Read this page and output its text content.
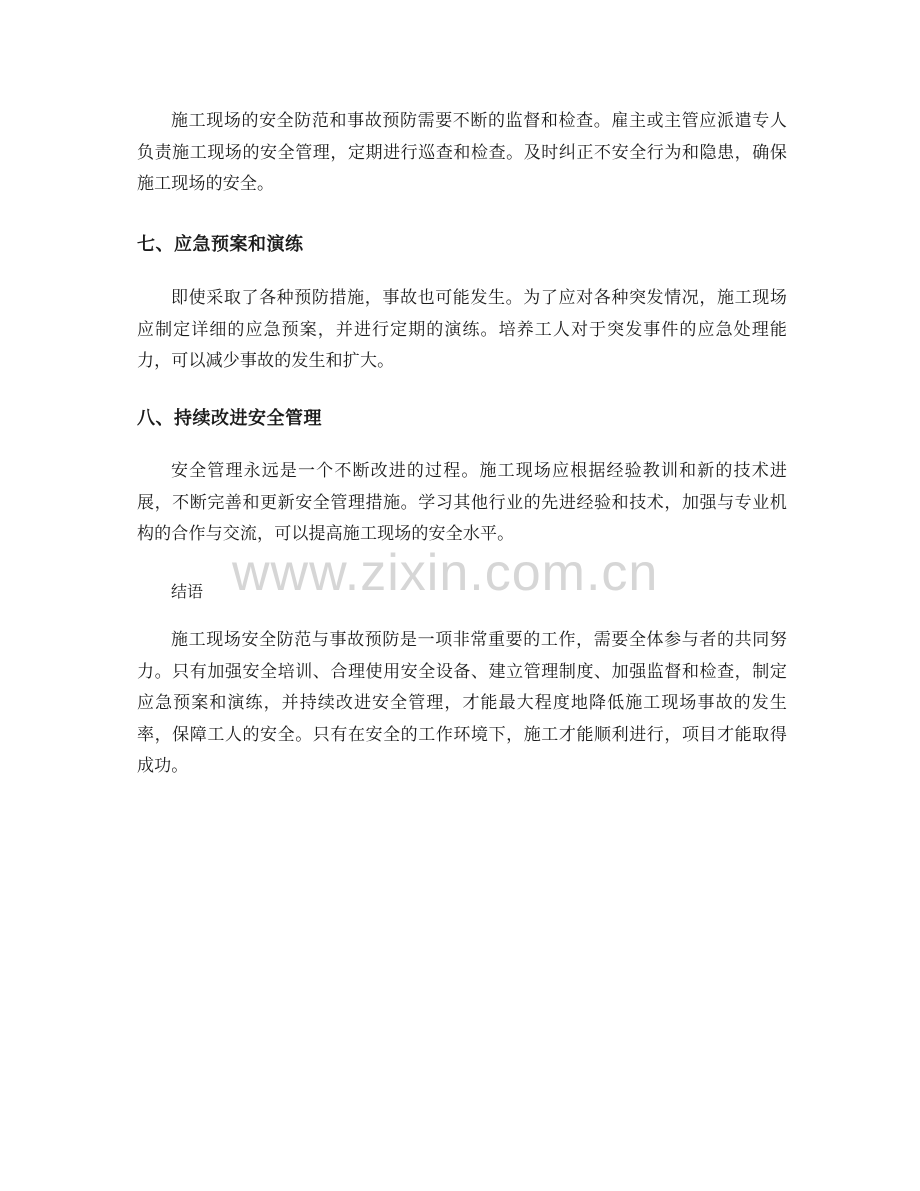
施工现场的安全防范和事故预防需要不断的监督和检查。雇主或主管应派遣专人负责施工现场的安全管理，定期进行巡查和检查。及时纠正不安全行为和隐患，确保施工现场的安全。

七、应急预案和演练

即使采取了各种预防措施，事故也可能发生。为了应对各种突发情况，施工现场应制定详细的应急预案，并进行定期的演练。培养工人对于突发事件的应急处理能力，可以减少事故的发生和扩大。

八、持续改进安全管理

安全管理永远是一个不断改进的过程。施工现场应根据经验教训和新的技术进展，不断完善和更新安全管理措施。学习其他行业的先进经验和技术，加强与专业机构的合作与交流，可以提高施工现场的安全水平。

结语

施工现场安全防范与事故预防是一项非常重要的工作，需要全体参与者的共同努力。只有加强安全培训、合理使用安全设备、建立管理制度、加强监督和检查，制定应急预案和演练，并持续改进安全管理，才能最大程度地降低施工现场事故的发生率，保障工人的安全。只有在安全的工作环境下，施工才能顺利进行，项目才能取得成功。

www.zixin.com.cn
